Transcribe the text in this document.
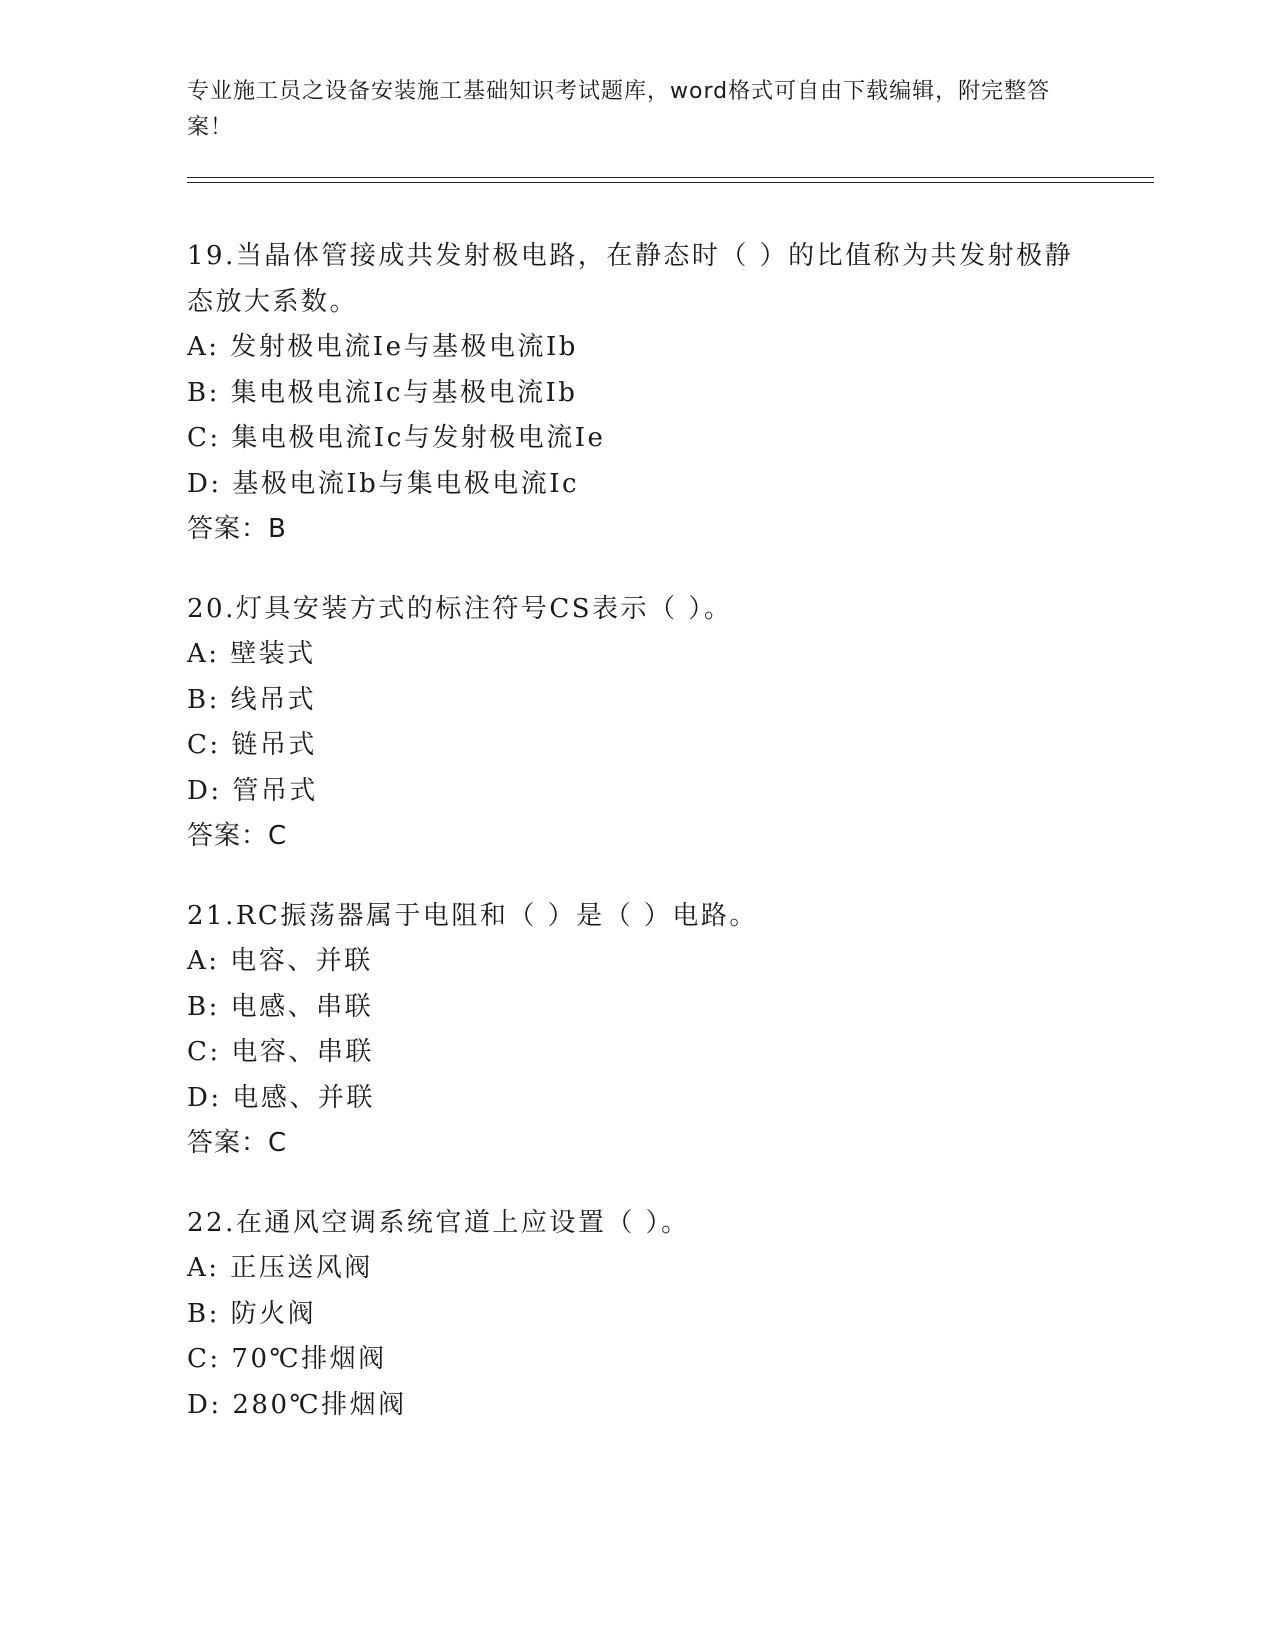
专业施工员之设备安装施工基础知识考试题库，word格式可自由下载编辑，附完整答案！

19.当晶体管接成共发射极电路，在静态时（ ）的比值称为共发射极静态放大系数。

A: 发射极电流Ie与基极电流Ib

B: 集电极电流Ic与基极电流Ib

C: 集电极电流Ic与发射极电流Ie

D: 基极电流Ib与集电极电流Ic

答案：B

20.灯具安装方式的标注符号CS表示（ ）。

A: 壁装式

B: 线吊式

C: 链吊式

D: 管吊式

答案：C

21.RC振荡器属于电阻和（ ）是（ ）电路。

A: 电容、并联

B: 电感、串联

C: 电容、串联

D: 电感、并联

答案：C

22.在通风空调系统官道上应设置（ ）。

A: 正压送风阀

B: 防火阀

C: 70℃排烟阀

D: 280℃排烟阀
